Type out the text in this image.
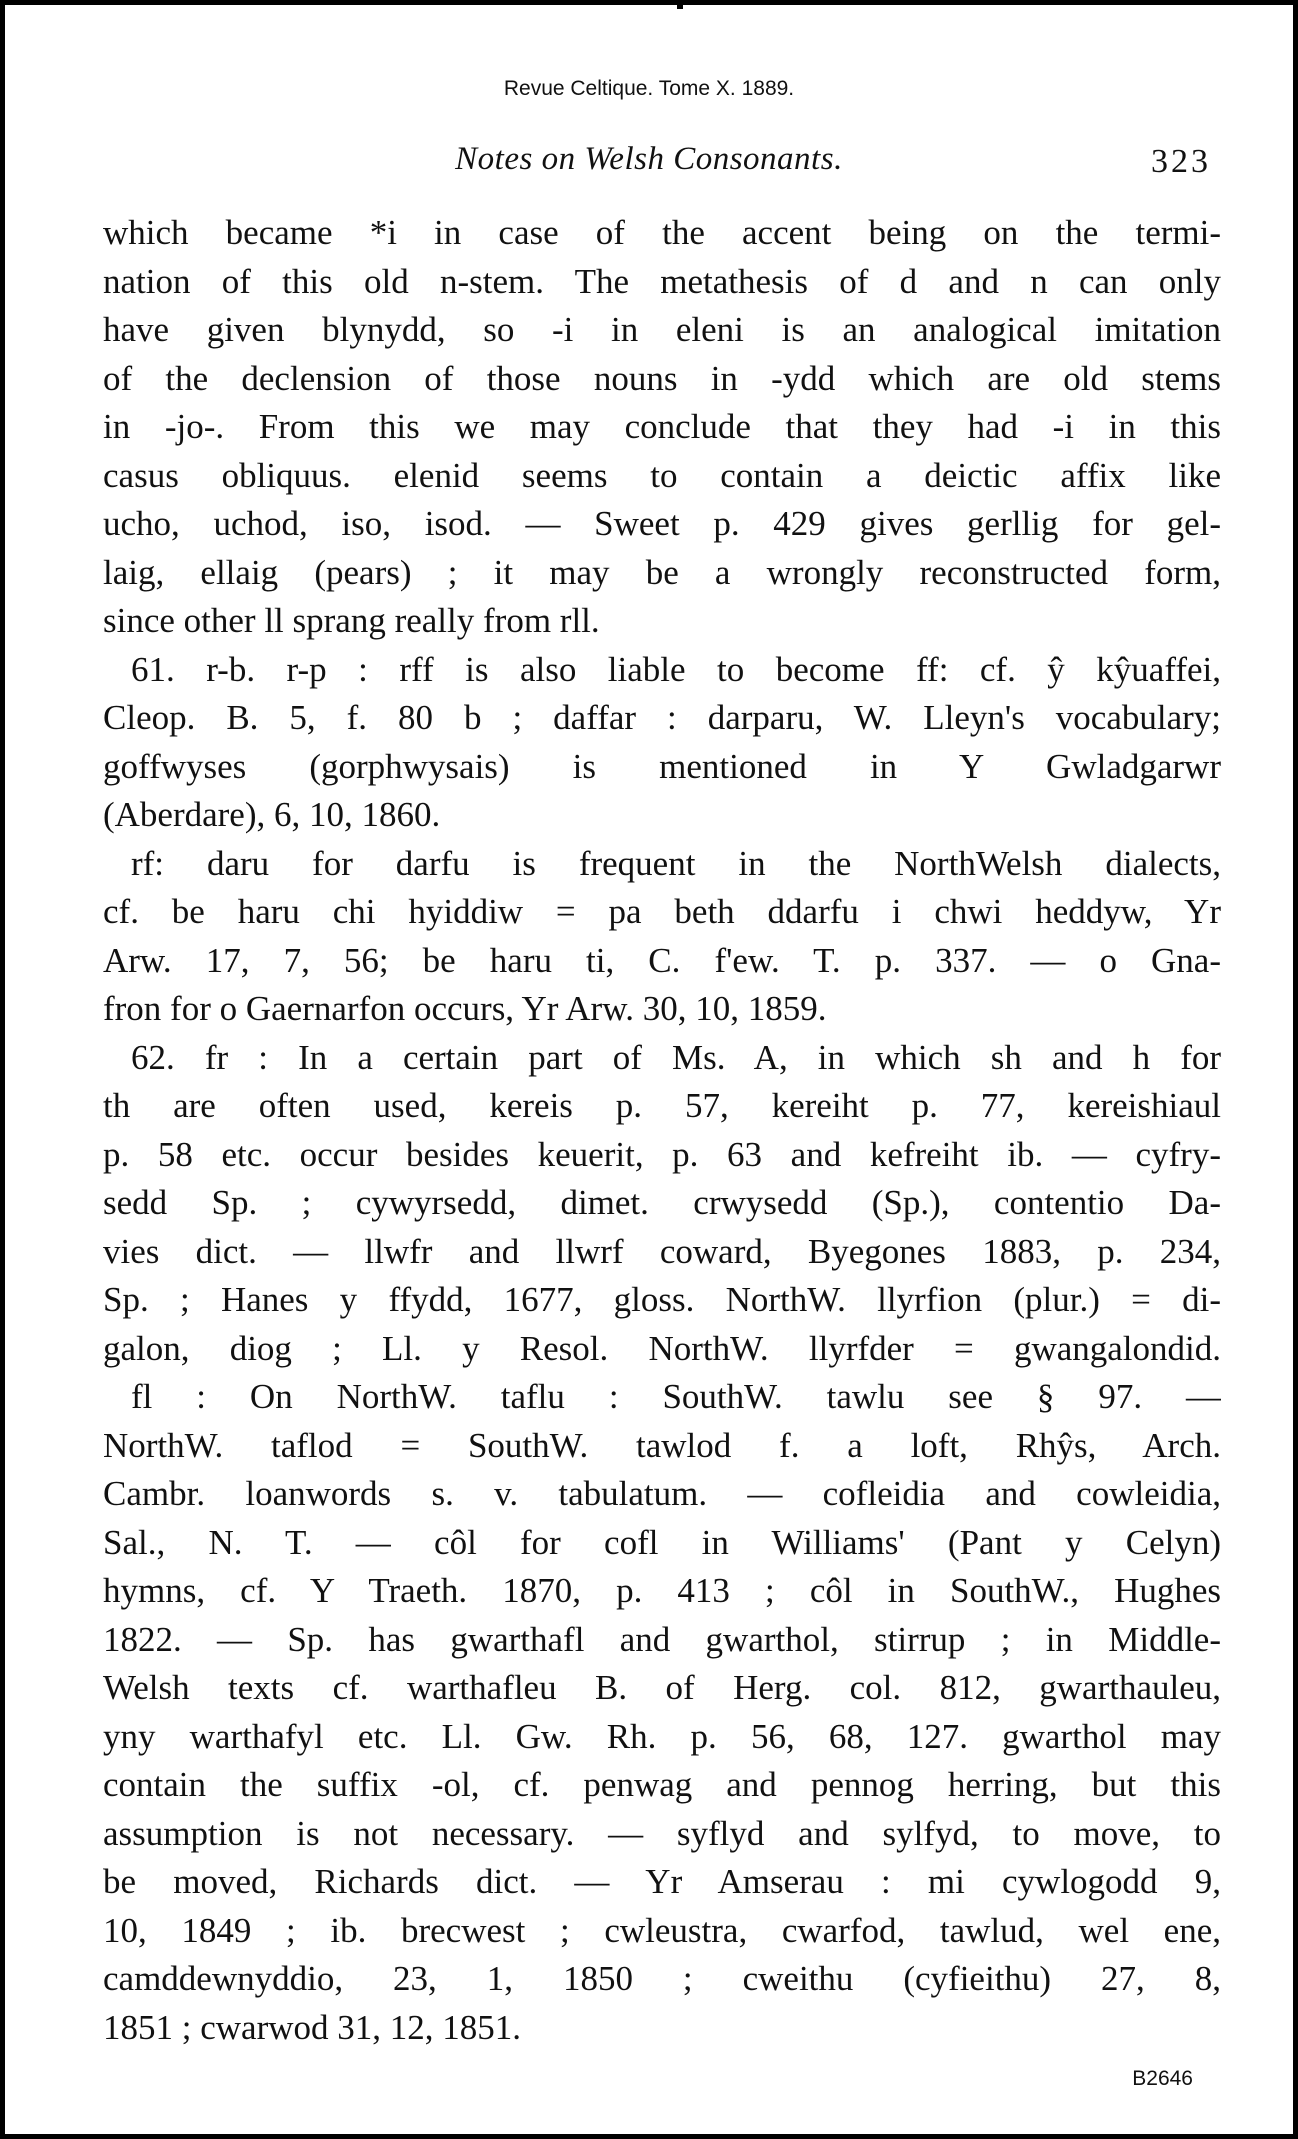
Revue Celtique. Tome X. 1889.
Notes on Welsh Consonants.	323
which became *i in case of the accent being on the termi-
nation of this old n-stem. The metathesis of d and n can only
have given blynydd, so -i in eleni is an analogical imitation
of the declension of those nouns in -ydd which are old stems
in -jo-. From this we may conclude that they had -i in this
casus obliquus. elenid seems to contain a deictic affix like
ucho, uchod, iso, isod. — Sweet p. 429 gives gerllig for gel-
laig, ellaig (pears) ; it may be a wrongly reconstructed form,
since other ll sprang really from rll.
61. r-b. r-p : rff is also liable to become ff: cf. ŷ kŷuaffei,
Cleop. B. 5, f. 80 b ; daffar : darparu, W. Lleyn's vocabulary;
goffwyses (gorphwysais) is mentioned in Y Gwladgarwr
(Aberdare), 6, 10, 1860.
rf: daru for darfu is frequent in the NorthWelsh dialects,
cf. be haru chi hyiddiw = pa beth ddarfu i chwi heddyw, Yr
Arw. 17, 7, 56; be haru ti, C. f'ew. T. p. 337. — o Gna-
fron for o Gaernarfon occurs, Yr Arw. 30, 10, 1859.
62. fr : In a certain part of Ms. A, in which sh and h for
th are often used, kereis p. 57, kereiht p. 77, kereishiaul
p. 58 etc. occur besides keuerit, p. 63 and kefreiht ib. — cyfry-
sedd Sp. ; cywyrsedd, dimet. crwysedd (Sp.), contentio Da-
vies dict. — llwfr and llwrf coward, Byegones 1883, p. 234,
Sp. ; Hanes y ffydd, 1677, gloss. NorthW. llyrfion (plur.) = di-
galon, diog ; Ll. y Resol. NorthW. llyrfder = gwangalondid.
fl : On NorthW. taflu : SouthW. tawlu see § 97. —
NorthW. taflod = SouthW. tawlod f. a loft, Rhŷs, Arch.
Cambr. loanwords s. v. tabulatum. — cofleidia and cowleidia,
Sal., N. T. — côl for cofl in Williams' (Pant y Celyn)
hymns, cf. Y Traeth. 1870, p. 413 ; côl in SouthW., Hughes
1822. — Sp. has gwarthafl and gwarthol, stirrup ; in Middle-
Welsh texts cf. warthafleu B. of Herg. col. 812, gwarthauleu,
yny warthafyl etc. Ll. Gw. Rh. p. 56, 68, 127. gwarthol may
contain the suffix -ol, cf. penwag and pennog herring, but this
assumption is not necessary. — syflyd and sylfyd, to move, to
be moved, Richards dict. — Yr Amserau : mi cywlogodd 9,
10, 1849 ; ib. brecwest ; cwleustra, cwarfod, tawlud, wel ene,
camddewnyddio, 23, 1, 1850 ; cweithu (cyfieithu) 27, 8,
1851 ; cwarwod 31, 12, 1851.
B2646
